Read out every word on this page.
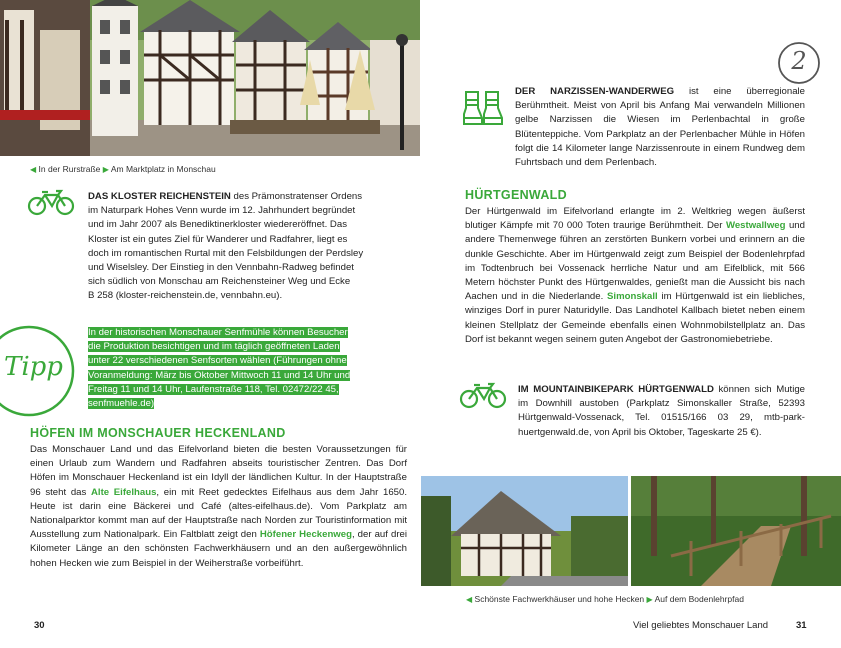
◀ In der Rurstraße ▶ Am Marktplatz in Monschau
DAS KLOSTER REICHENSTEIN des Prämonstratenser Ordens
im Naturpark Hohes Venn wurde im 12. Jahrhundert begründet
und im Jahr 2007 als Benediktinerkloster wiedereröffnet. Das
Kloster ist ein gutes Ziel für Wanderer und Radfahrer, liegt es
doch im romantischen Rurtal mit den Felsbildungen der Perdsley
und Wiselsley. Der Einstieg in den Vennbahn-Radweg befindet
sich südlich von Monschau am Reichensteiner Weg und Ecke
B 258 (kloster-reichenstein.de, vennbahn.eu).
Tipp
In der historischen Monschauer Senfmühle können Besucher
die Produktion besichtigen und im täglich geöffneten Laden
unter 22 verschiedenen Senfsorten wählen (Führungen ohne
Voranmeldung: März bis Oktober Mittwoch 11 und 14 Uhr und
Freitag 11 und 14 Uhr, Laufenstraße 118, Tel. 02472/22 45,
senfmuehle.de)
HÖFEN IM MONSCHAUER HECKENLAND
Das Monschauer Land und das Eifelvorland bieten die besten Voraussetzungen für einen Urlaub zum Wandern und Radfahren abseits touristischer Zentren. Das Dorf Höfen im Monschauer Heckenland ist ein Idyll der ländlichen Kultur. In der Hauptstraße 96 steht das Alte Eifelhaus, ein mit Reet gedecktes Eifelhaus aus dem Jahr 1650. Heute ist darin eine Bäckerei und Café (altes-eifelhaus.de). Vom Parkplatz am Nationalparktor kommt man auf der Hauptstraße nach Norden zur Touristinformation mit Ausstellung zum Nationalpark. Ein Faltblatt zeigt den Höfener Heckenweg, der auf drei Kilometer Länge an den schönsten Fachwerkhäusern und an den außergewöhnlich hohen Hecken wie zum Beispiel in der Weiherstraße vorbeiführt.
2
DER NARZISSEN-WANDERWEG ist eine überregionale Berühmtheit. Meist von April bis Anfang Mai verwandeln Millionen gelbe Narzissen die Wiesen im Perlenbachtal in große Blütenteppiche. Vom Parkplatz an der Perlenbacher Mühle in Höfen folgt die 14 Kilometer lange Narzissenroute in einem Rundweg dem Fuhrtsbach und dem Perlenbach.
HÜRTGENWALD
Der Hürtgenwald im Eifelvorland erlangte im 2. Weltkrieg wegen äußerst blutiger Kämpfe mit 70 000 Toten traurige Berühmtheit. Der Westwallweg und andere Themenwege führen an zerstörten Bunkern vorbei und erinnern an die dunkle Geschichte. Aber im Hürtgenwald zeigt zum Beispiel der Bodenlehrpfad im Todtenbruch bei Vossenack herrliche Natur und am Eifelblick, mit 566 Metern höchster Punkt des Hürtgenwaldes, genießt man die Aussicht bis nach Aachen und in die Niederlande. Simonskall im Hürtgenwald ist ein liebliches, winziges Dorf in purer Naturidylle. Das Landhotel Kallbach bietet neben einem kleinen Stellplatz der Gemeinde ebenfalls einen Wohnmobilstellplatz an. Das Dorf ist bekannt wegen seinem guten Angebot der Gastronomiebetriebe.
IM MOUNTAINBIKEPARK HÜRTGENWALD können sich Mutige im Downhill austoben (Parkplatz Simonskaller Straße, 52393 Hürtgenwald-Vossenack, Tel. 01515/166 03 29, mtb-park-huertgenwald.de, von April bis Oktober, Tageskarte 25 €).
◀ Schönste Fachwerkhäuser und hohe Hecken ▶ Auf dem Bodenlehrpfad
30	Viel geliebtes Monschauer Land	31
